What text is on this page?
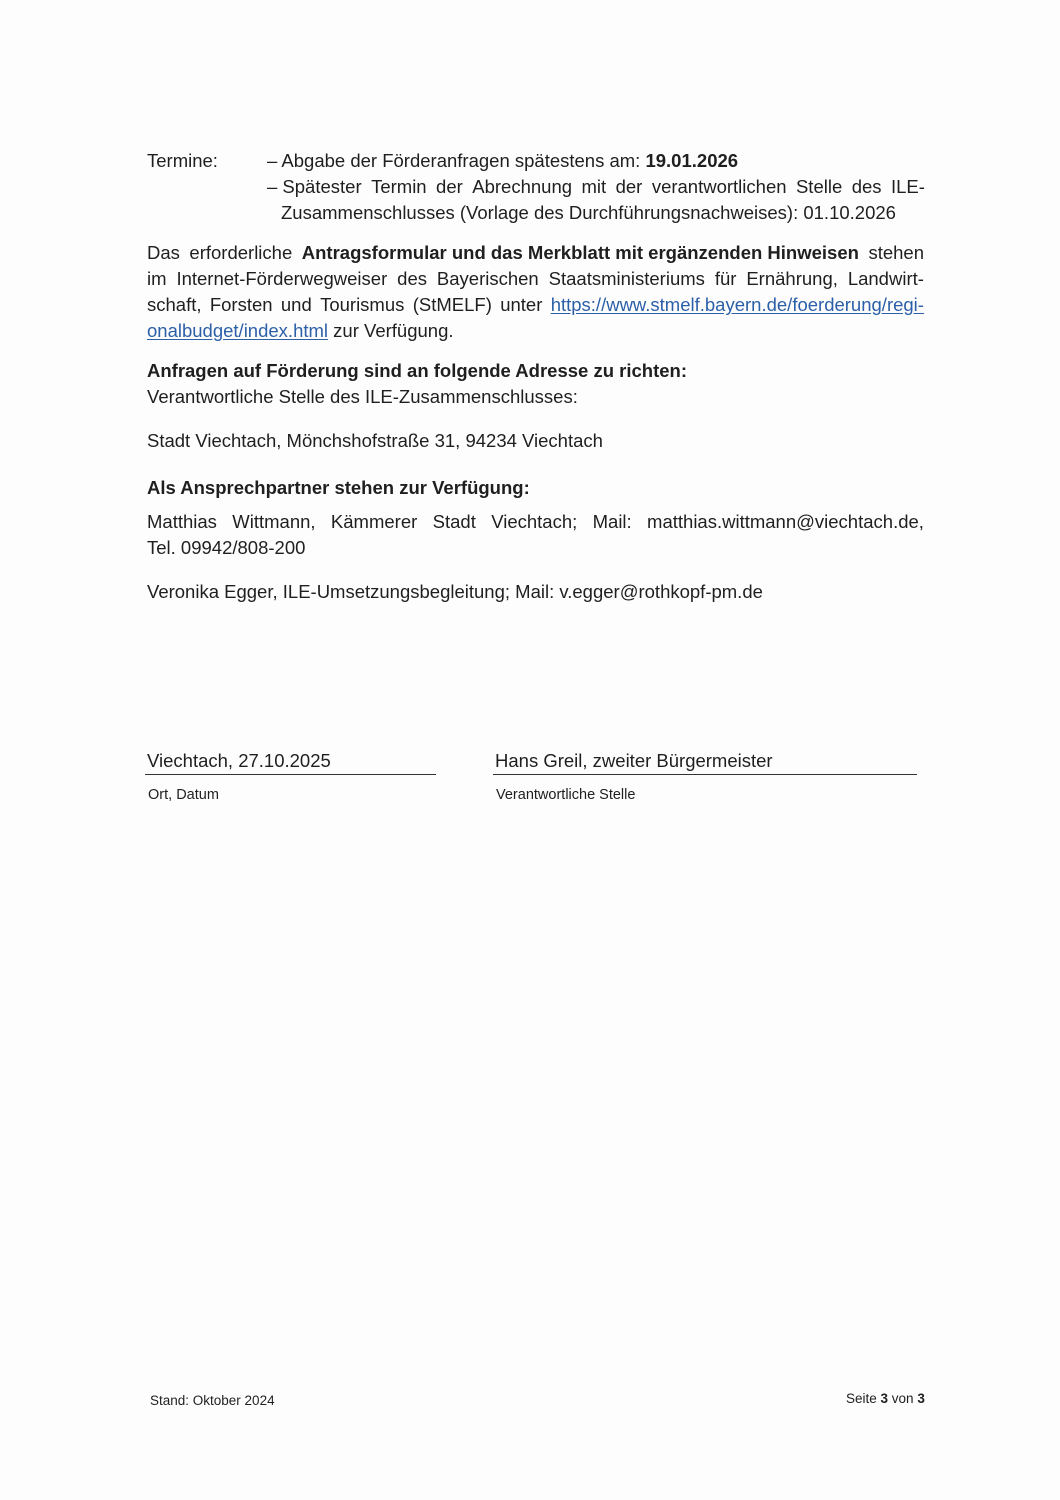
Termine:	– Abgabe der Förderanfragen spätestens am: 19.01.2026
– Spätester Termin der Abrechnung mit der verantwortlichen Stelle des ILE-
Zusammenschlusses (Vorlage des Durchführungsnachweises): 01.10.2026
Das erforderliche Antragsformular und das Merkblatt mit ergänzenden Hinweisen stehen
im Internet-Förderwegweiser des Bayerischen Staatsministeriums für Ernährung, Landwirt-
schaft, Forsten und Tourismus (StMELF) unter https://www.stmelf.bayern.de/foerderung/regi-
onalbudget/index.html zur Verfügung.
Anfragen auf Förderung sind an folgende Adresse zu richten:
Verantwortliche Stelle des ILE-Zusammenschlusses:
Stadt Viechtach, Mönchshofstraße 31, 94234 Viechtach
Als Ansprechpartner stehen zur Verfügung:
Matthias Wittmann, Kämmerer Stadt Viechtach; Mail: matthias.wittmann@viechtach.de,
Tel. 09942/808-200
Veronika Egger, ILE-Umsetzungsbegleitung; Mail: v.egger@rothkopf-pm.de
Viechtach, 27.10.2025
Ort, Datum
Hans Greil, zweiter Bürgermeister
Verantwortliche Stelle
Stand: Oktober 2024	Seite 3 von 3
